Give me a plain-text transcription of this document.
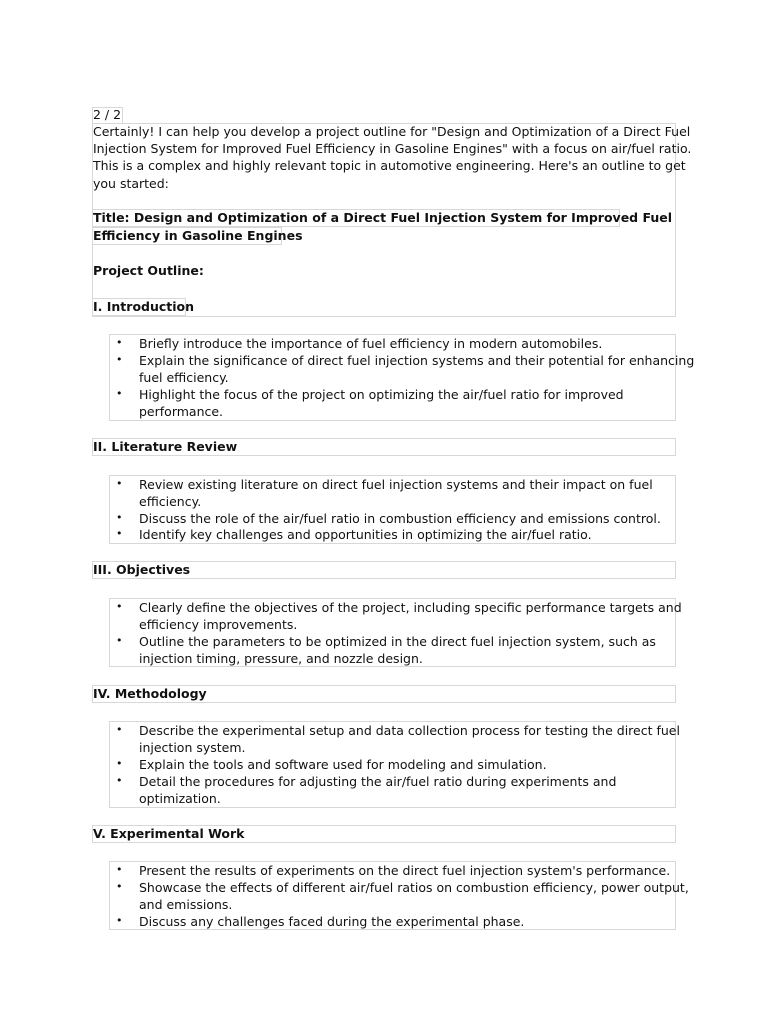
2 / 2
Certainly! I can help you develop a project outline for "Design and Optimization of a Direct Fuel
Injection System for Improved Fuel Efficiency in Gasoline Engines" with a focus on air/fuel ratio.
This is a complex and highly relevant topic in automotive engineering. Here's an outline to get
you started:
Title: Design and Optimization of a Direct Fuel Injection System for Improved Fuel
Efficiency in Gasoline Engines
Project Outline:
I. Introduction
• Briefly introduce the importance of fuel efficiency in modern automobiles.
• Explain the significance of direct fuel injection systems and their potential for enhancing
fuel efficiency.
• Highlight the focus of the project on optimizing the air/fuel ratio for improved
performance.
II. Literature Review
• Review existing literature on direct fuel injection systems and their impact on fuel
efficiency.
• Discuss the role of the air/fuel ratio in combustion efficiency and emissions control.
• Identify key challenges and opportunities in optimizing the air/fuel ratio.
III. Objectives
• Clearly define the objectives of the project, including specific performance targets and
efficiency improvements.
• Outline the parameters to be optimized in the direct fuel injection system, such as
injection timing, pressure, and nozzle design.
IV. Methodology
• Describe the experimental setup and data collection process for testing the direct fuel
injection system.
• Explain the tools and software used for modeling and simulation.
• Detail the procedures for adjusting the air/fuel ratio during experiments and
optimization.
V. Experimental Work
• Present the results of experiments on the direct fuel injection system's performance.
• Showcase the effects of different air/fuel ratios on combustion efficiency, power output,
and emissions.
• Discuss any challenges faced during the experimental phase.
